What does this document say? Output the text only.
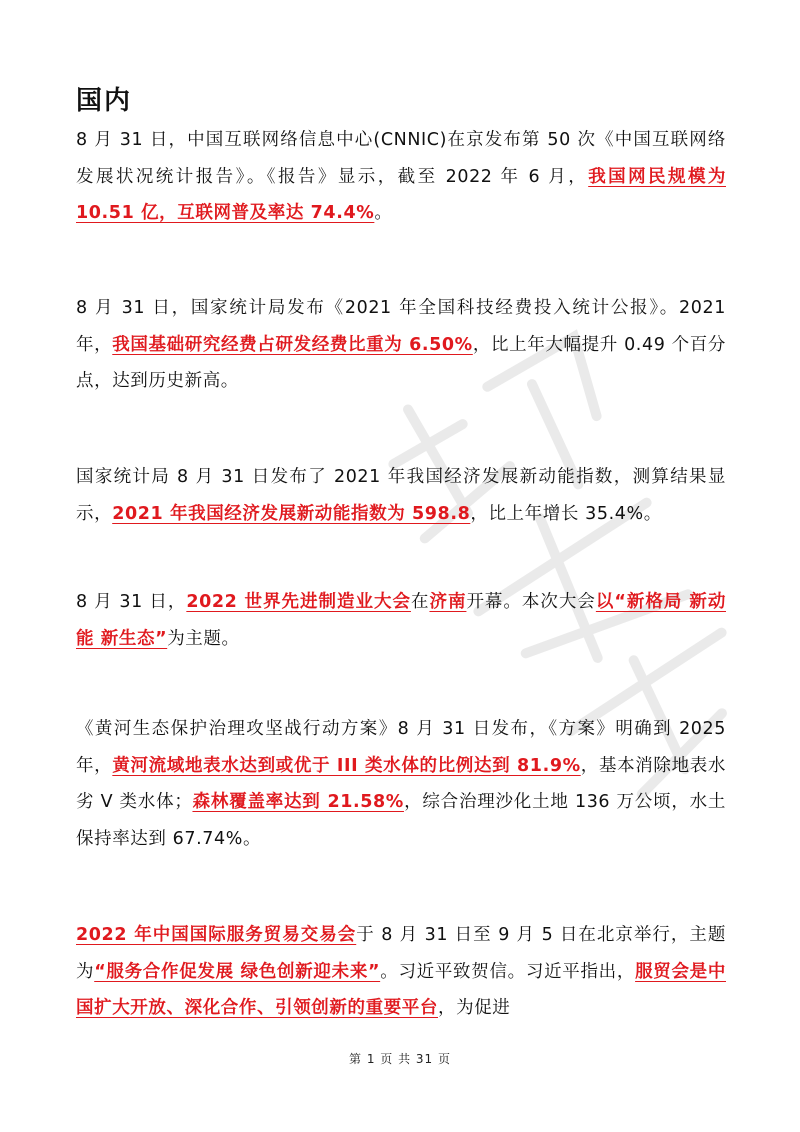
国内
8 月 31 日，中国互联网络信息中心(CNNIC)在京发布第 50 次《中国互联网络发展状况统计报告》。《报告》显示，截至 2022 年 6 月，我国网民规模为 10.51 亿，互联网普及率达 74.4%。
8 月 31 日，国家统计局发布《2021 年全国科技经费投入统计公报》。2021 年，我国基础研究经费占研发经费比重为 6.50%，比上年大幅提升 0.49 个百分点，达到历史新高。
国家统计局 8 月 31 日发布了 2021 年我国经济发展新动能指数，测算结果显示，2021 年我国经济发展新动能指数为 598.8，比上年增长 35.4%。
8 月 31 日，2022 世界先进制造业大会在济南开幕。本次大会以“新格局 新动能 新生态”为主题。
《黄河生态保护治理攻坚战行动方案》8 月 31 日发布，《方案》明确到 2025 年，黄河流域地表水达到或优于 III 类水体的比例达到 81.9%，基本消除地表水劣 V 类水体；森林覆盖率达到 21.58%，综合治理沙化土地 136 万公顷，水土保持率达到 67.74%。
2022 年中国国际服务贸易交易会于 8 月 31 日至 9 月 5 日在北京举行，主题为“服务合作促发展 绿色创新迎未来”。习近平致贺信。习近平指出，服贸会是中国扩大开放、深化合作、引领创新的重要平台，为促进
第 1 页 共 31 页
